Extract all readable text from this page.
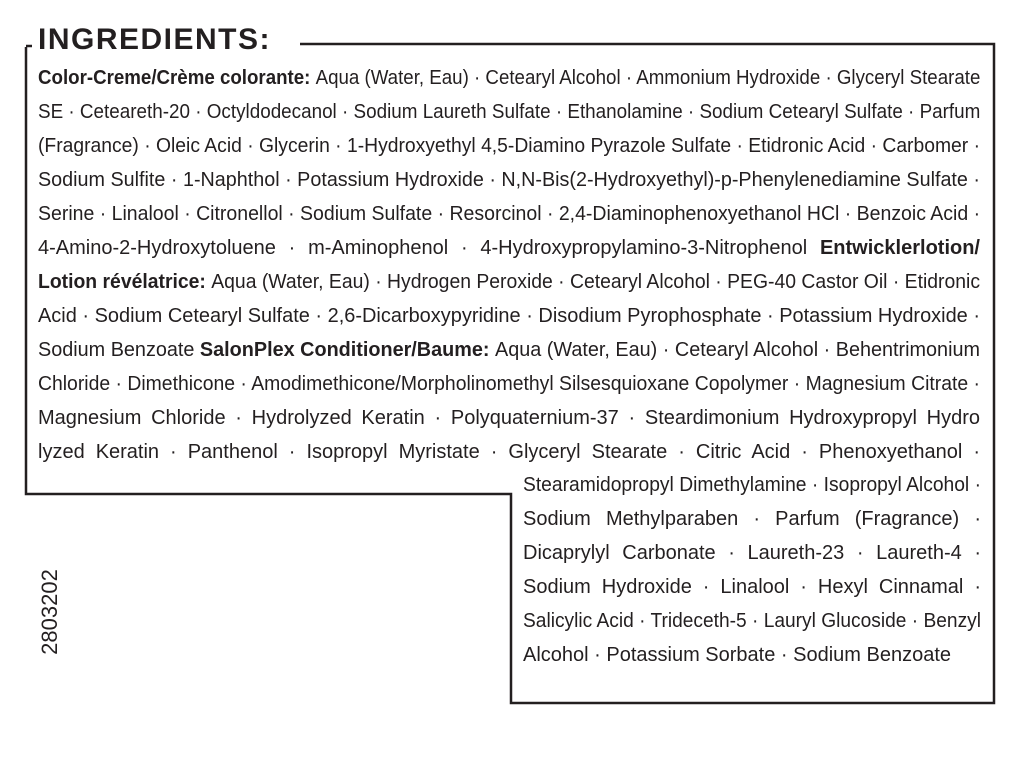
INGREDIENTS:
Color-Creme/Crème colorante: Aqua (Water, Eau) · Cetearyl Alcohol · Ammonium Hydroxide · Glyceryl Stearate
SE · Ceteareth-20 · Octyldodecanol · Sodium Laureth Sulfate · Ethanolamine · Sodium Cetearyl Sulfate · Parfum
(Fragrance) · Oleic Acid · Glycerin · 1-Hydroxyethyl 4,5-Diamino Pyrazole Sulfate · Etidronic Acid · Carbomer ·
Sodium Sulfite · 1-Naphthol · Potassium Hydroxide · N,N-Bis(2-Hydroxyethyl)-p-Phenylenediamine Sulfate ·
Serine · Linalool · Citronellol · Sodium Sulfate · Resorcinol · 2,4-Diaminophenoxyethanol HCl · Benzoic Acid ·
4-Amino-2-Hydroxytoluene · m-Aminophenol · 4-Hydroxypropylamino-3-Nitrophenol Entwicklerlotion/
Lotion révélatrice: Aqua (Water, Eau) · Hydrogen Peroxide · Cetearyl Alcohol · PEG-40 Castor Oil · Etidronic
Acid · Sodium Cetearyl Sulfate · 2,6-Dicarboxypyridine · Disodium Pyrophosphate · Potassium Hydroxide ·
Sodium Benzoate SalonPlex Conditioner/Baume: Aqua (Water, Eau) · Cetearyl Alcohol · Behentrimonium
Chloride · Dimethicone · Amodimethicone/Morpholinomethyl Silsesquioxane Copolymer · Magnesium Citrate ·
Magnesium Chloride · Hydrolyzed Keratin · Polyquaternium-37 · Steardimonium Hydroxypropyl Hydro
lyzed Keratin · Panthenol · Isopropyl Myristate · Glyceryl Stearate · Citric Acid · Phenoxyethanol ·
Stearamidopropyl Dimethylamine · Isopropyl Alcohol ·
Sodium Methylparaben · Parfum (Fragrance) ·
Dicaprylyl Carbonate · Laureth-23 · Laureth-4 ·
Sodium Hydroxide · Linalool · Hexyl Cinnamal ·
Salicylic Acid · Trideceth-5 · Lauryl Glucoside · Benzyl
Alcohol · Potassium Sorbate · Sodium Benzoate
2803202
